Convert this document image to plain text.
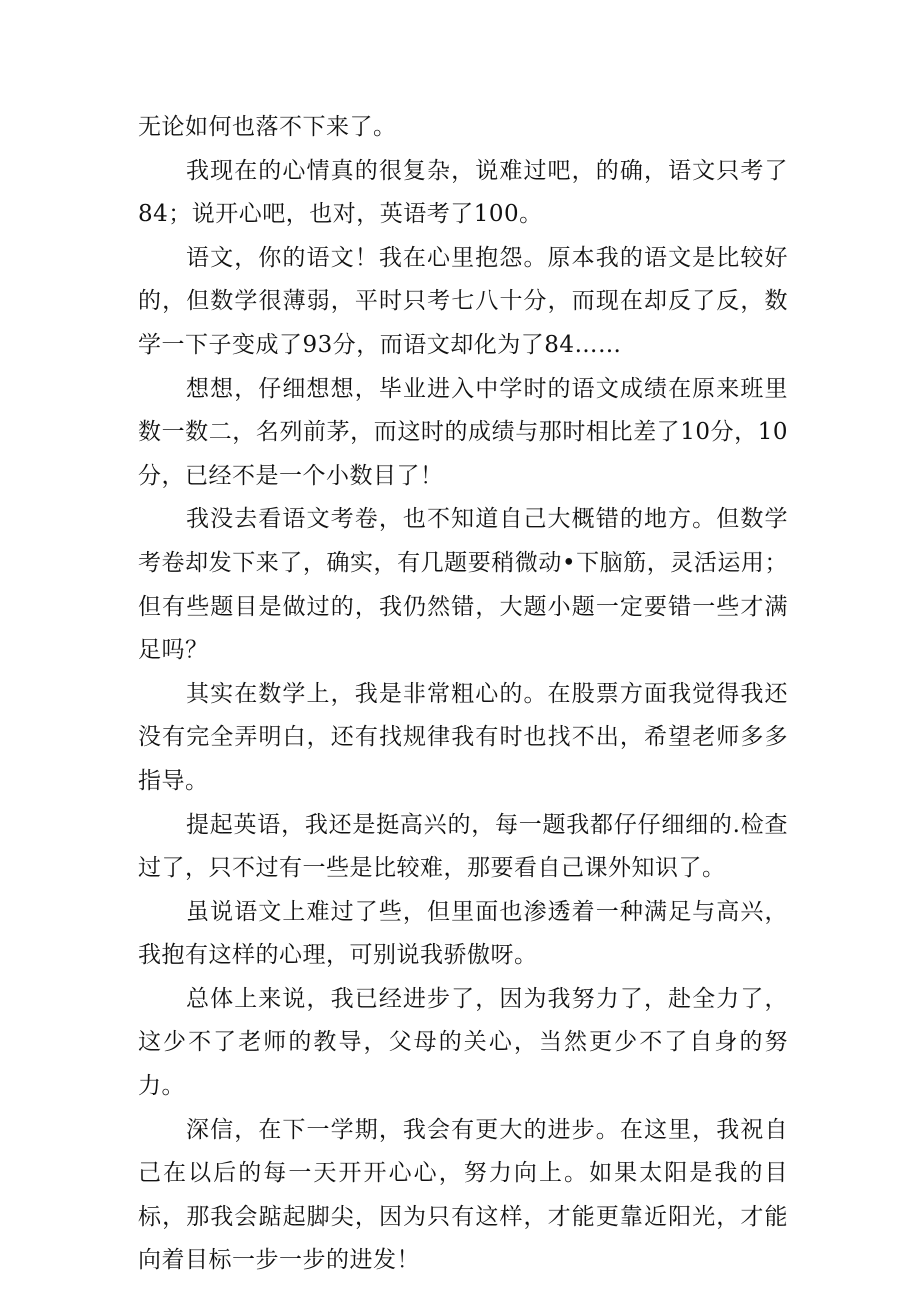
无论如何也落不下来了。

我现在的心情真的很复杂，说难过吧，的确，语文只考了84；说开心吧，也对，英语考了100。

语文，你的语文！我在心里抱怨。原本我的语文是比较好的，但数学很薄弱，平时只考七八十分，而现在却反了反，数学一下子变成了93分，而语文却化为了84……

想想，仔细想想，毕业进入中学时的语文成绩在原来班里数一数二，名列前茅，而这时的成绩与那时相比差了10分，10分，已经不是一个小数目了！

我没去看语文考卷，也不知道自己大概错的地方。但数学考卷却发下来了，确实，有几题要稍微动•下脑筋，灵活运用；但有些题目是做过的，我仍然错，大题小题一定要错一些才满足吗？

其实在数学上，我是非常粗心的。在股票方面我觉得我还没有完全弄明白，还有找规律我有时也找不出，希望老师多多指导。

提起英语，我还是挺高兴的，每一题我都仔仔细细的.检查过了，只不过有一些是比较难，那要看自己课外知识了。

虽说语文上难过了些，但里面也渗透着一种满足与高兴，我抱有这样的心理，可别说我骄傲呀。

总体上来说，我已经进步了，因为我努力了，赴全力了，这少不了老师的教导，父母的关心，当然更少不了自身的努力。

深信，在下一学期，我会有更大的进步。在这里，我祝自己在以后的每一天开开心心，努力向上。如果太阳是我的目标，那我会踮起脚尖，因为只有这样，才能更靠近阳光，才能向着目标一步一步的进发！
